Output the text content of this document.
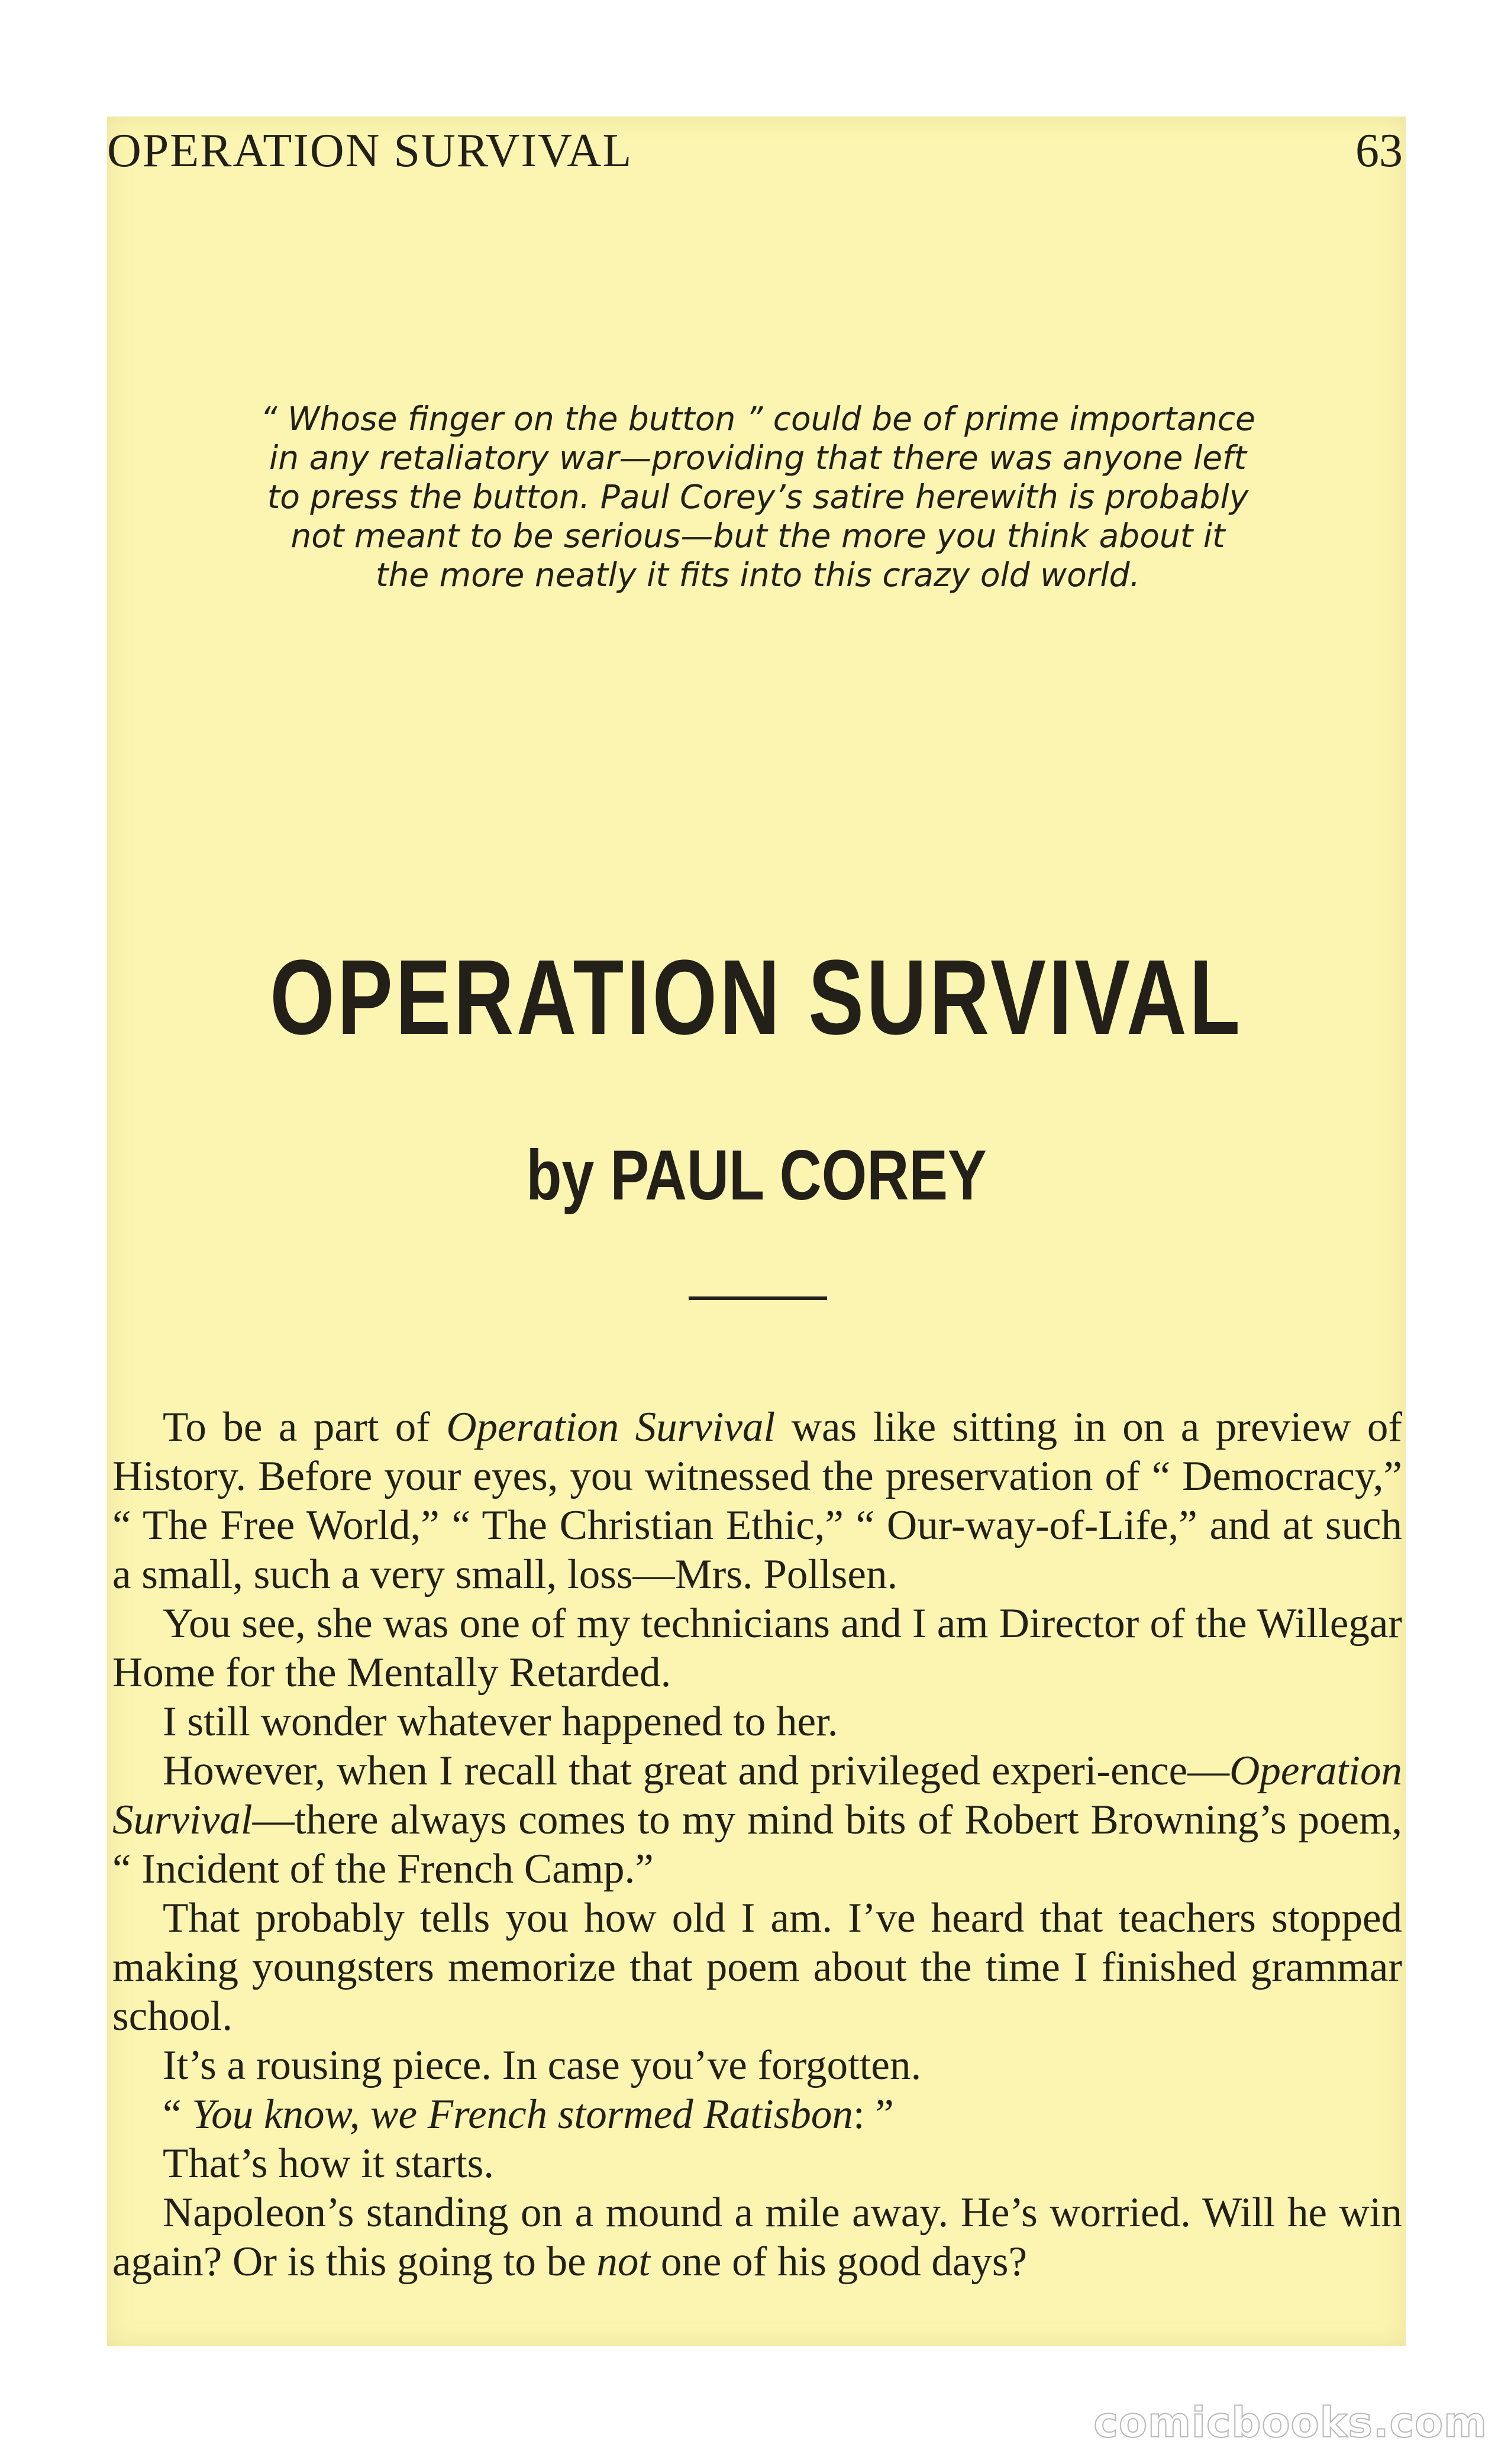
OPERATION SURVIVAL	63
“ Whose finger on the button ” could be of prime importance
in any retaliatory war—providing that there was anyone left
to press the button. Paul Corey’s satire herewith is probably
not meant to be serious—but the more you think about it
the more neatly it fits into this crazy old world.
OPERATION SURVIVAL
by PAUL COREY

To be a part of Operation Survival was like sitting in on a preview of History. Before your eyes, you witnessed the preservation of “ Democracy,” “ The Free World,” “ The Christian Ethic,” “ Our-way-of-Life,” and at such a small, such a very small, loss—Mrs. Pollsen.

You see, she was one of my technicians and I am Director of the Willegar Home for the Mentally Retarded.

I still wonder whatever happened to her.

However, when I recall that great and privileged experi-ence—Operation Survival—there always comes to my mind bits of Robert Browning’s poem, “ Incident of the French Camp.”

That probably tells you how old I am. I’ve heard that teachers stopped making youngsters memorize that poem about the time I finished grammar school.

It’s a rousing piece. In case you’ve forgotten.

“ You know, we French stormed Ratisbon: ”

That’s how it starts.

Napoleon’s standing on a mound a mile away. He’s worried. Will he win again? Or is this going to be not one of his good days?

comicbooks.com
